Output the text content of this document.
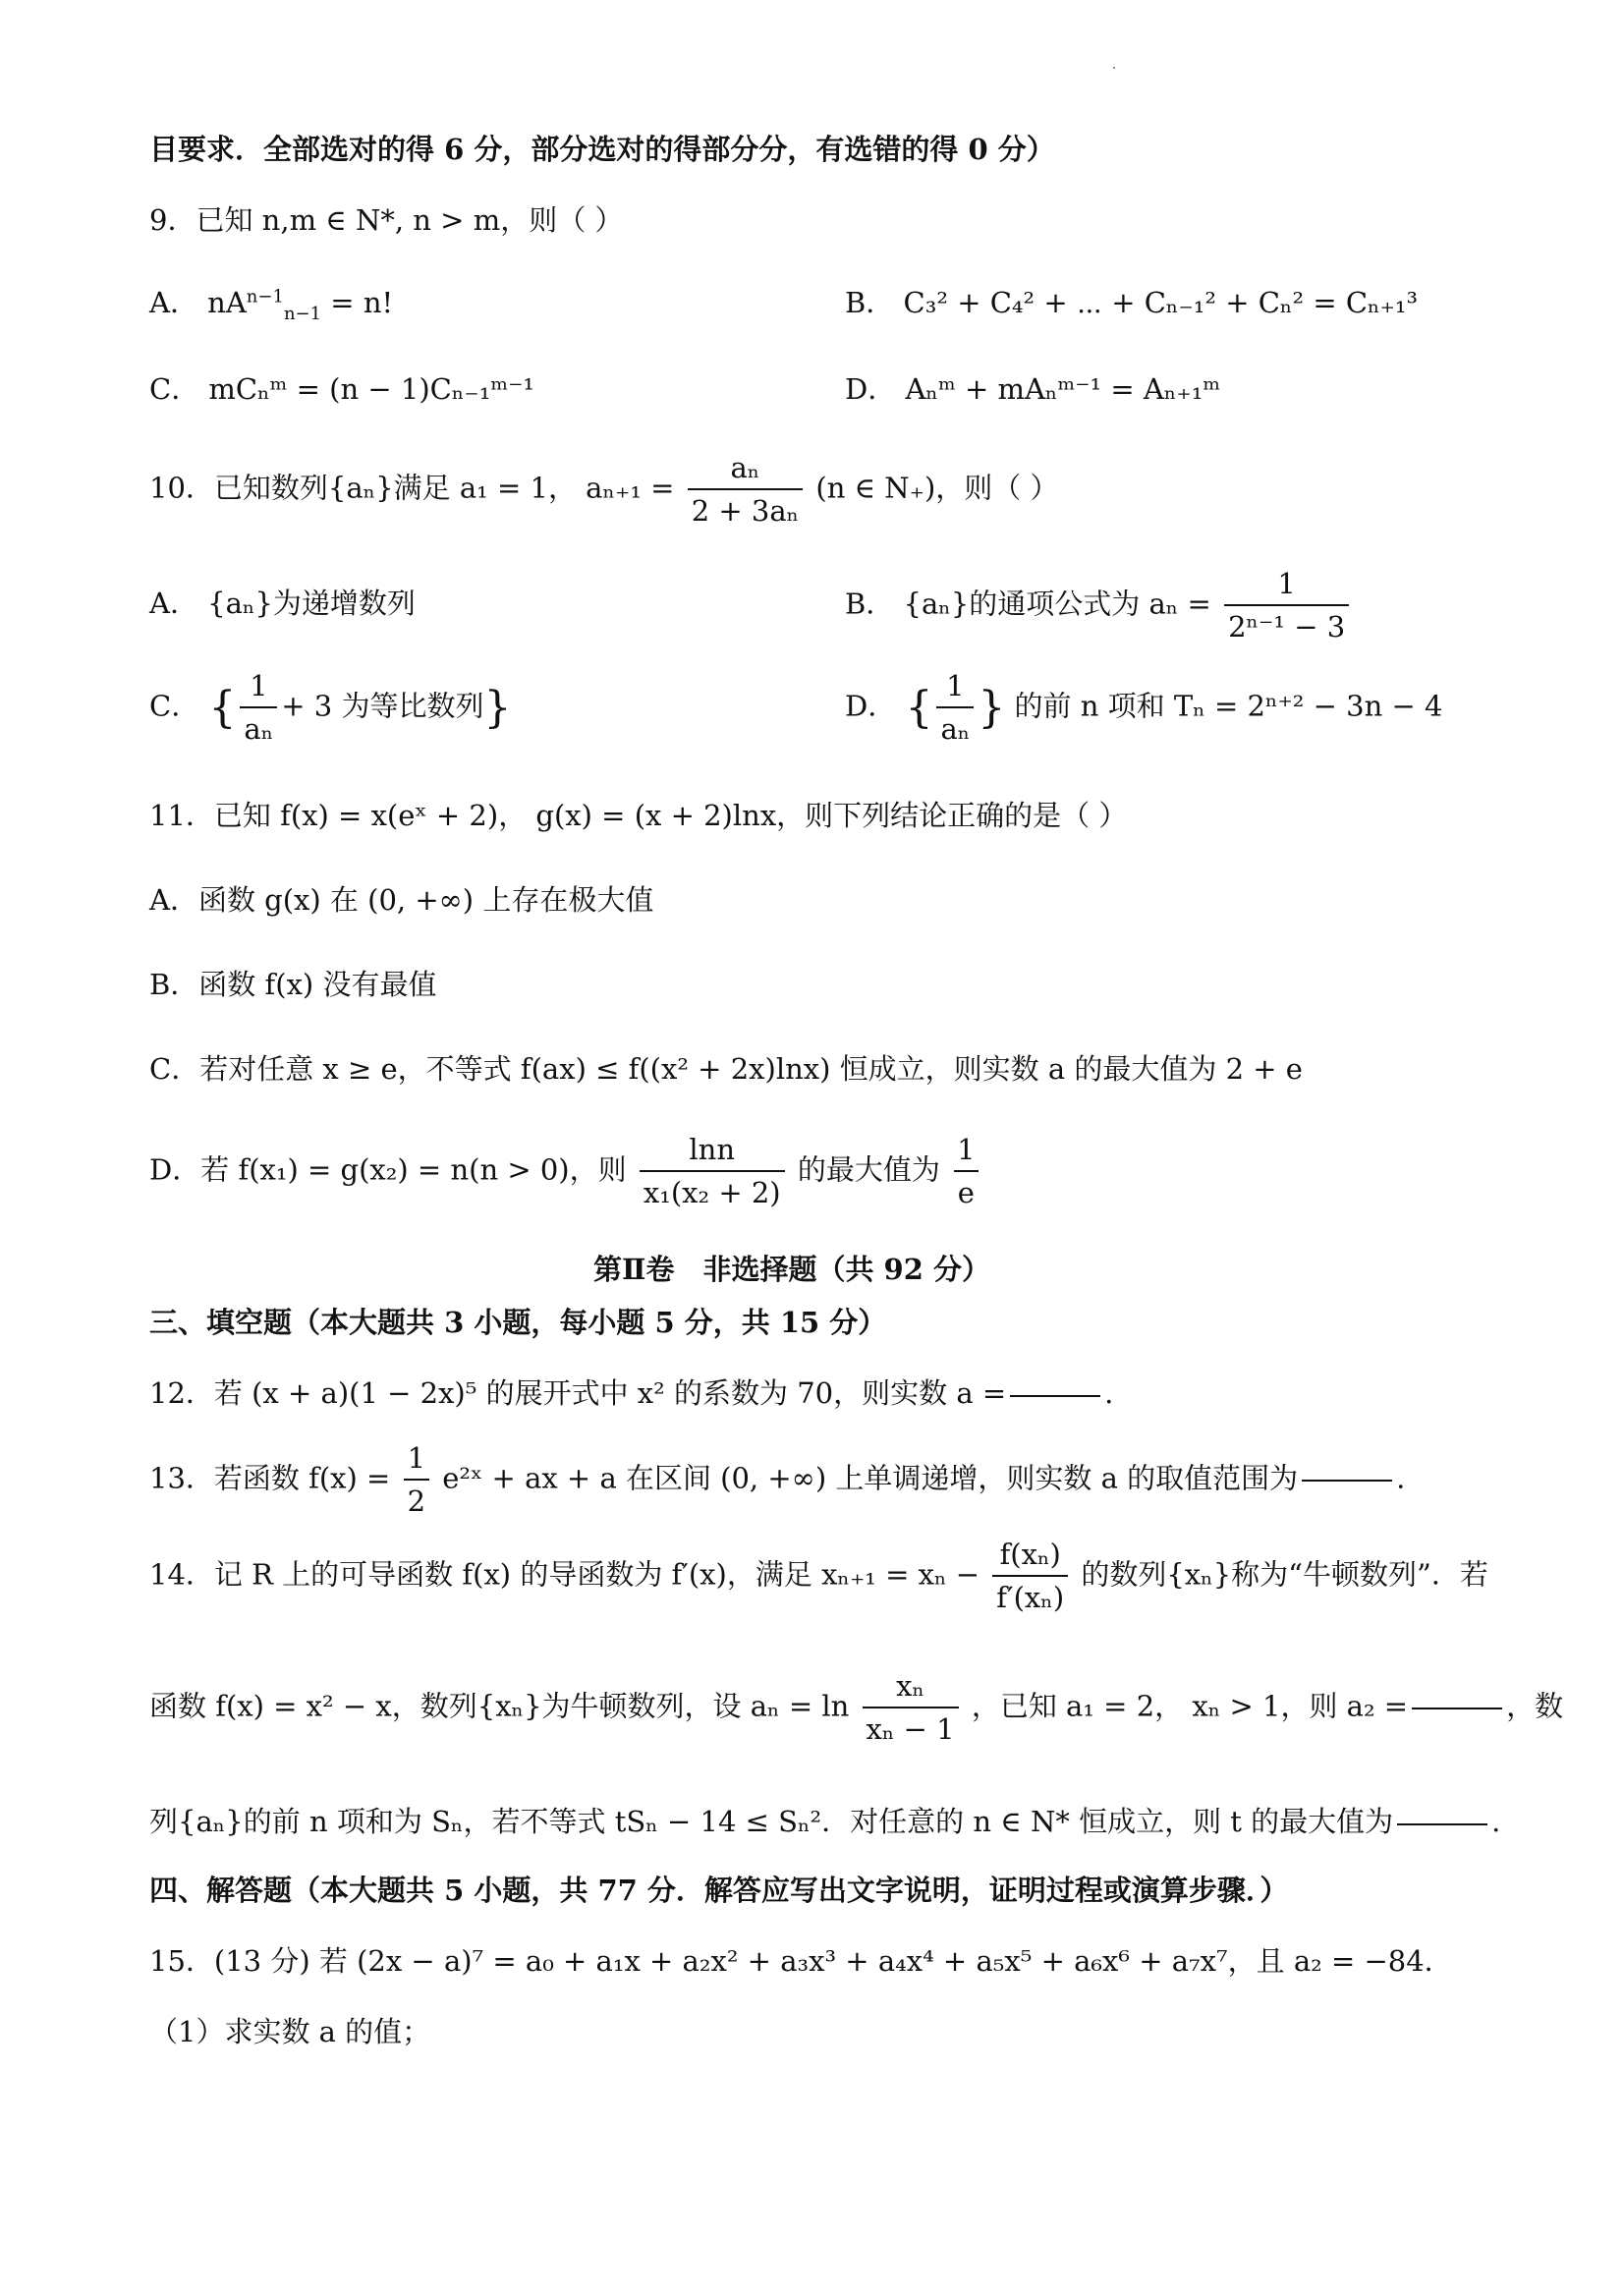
目要求．全部选对的得 6 分，部分选对的得部分分，有选错的得 0 分）
9．已知 n,m ∈ N*, n > m，则（ ）
A． $nA^{n-1}_{n-1} = n$!	B． C₃² + C₄² + ⋯ + Cₙ₋₁² + Cₙ² = Cₙ₊₁³
C． mCₙᵐ = (n − 1)Cₙ₋₁ᵐ⁻¹	D． Aₙᵐ + mAₙᵐ⁻¹ = Aₙ₊₁ᵐ
10．已知数列{aₙ}满足 a₁ = 1， $a_{n+1} = \frac{\text{aₙ}}{\text{2 + 3aₙ}} (n$ ∈ N₊)，则（ ）
A． {aₙ}为递增数列	B． {aₙ}的通项公式为 $a_n = \frac{1}{\text{2ⁿ⁻¹ − 3}}$
C． { $\frac{1}{\text{aₙ}} + 3$ 为等比数列}	D． { $\frac{1}{\text{aₙ}}$ } 的前 n 项和 Tₙ = 2ⁿ⁺² − 3n − 4
11．已知 f(x) = x(eˣ + 2)， g(x) = (x + 2)lnx，则下列结论正确的是（ ）
A．函数 g(x) 在 (0, +∞) 上存在极大值
B．函数 f(x) 没有最值
C．若对任意 x ≥ e，不等式 f(ax) ≤ f((x² + 2x)lnx) 恒成立，则实数 a 的最大值为 2 + e
D．若 f(x₁) = g(x₂) = n(n > 0)，则 $\frac{\ln n}{\text{x₁(x₂ + 2)}}$ 的最大值为 $\frac{1}{e}$
第Ⅱ卷　非选择题（共 92 分）
三、填空题（本大题共 3 小题，每小题 5 分，共 15 分）
12．若 (x + a)(1 − 2x)⁵ 的展开式中 x² 的系数为 70，则实数 a =	.
13．若函数 $f(x) = \frac{1}{2}$ e²ˣ + ax + a 在区间 (0, +∞) 上单调递增，则实数 a 的取值范围为	.
14．记 R 上的可导函数 f(x) 的导函数为 f′(x)，满足 $x_{n+1} = x_n - \frac{\text{f(xₙ)}}{\text{f′(xₙ)}}$ 的数列{xₙ}称为“牛顿数列”．若
函数 f(x) = x² − x，数列{xₙ}为牛顿数列，设 $a_n = \ln \frac{\text{xₙ}}{\text{xₙ − 1}}$ ，已知 a₁ = 2， xₙ > 1，则 a₂ =	，数
列{aₙ}的前 n 项和为 Sₙ，若不等式 tSₙ − 14 ≤ Sₙ²．对任意的 n ∈ N* 恒成立，则 t 的最大值为	.
四、解答题（本大题共 5 小题，共 77 分．解答应写出文字说明，证明过程或演算步骤．）
15．(13 分) 若 (2x − a)⁷ = a₀ + a₁x + a₂x² + a₃x³ + a₄x⁴ + a₅x⁵ + a₆x⁶ + a₇x⁷，且 a₂ = −84．
（1）求实数 a 的值；
